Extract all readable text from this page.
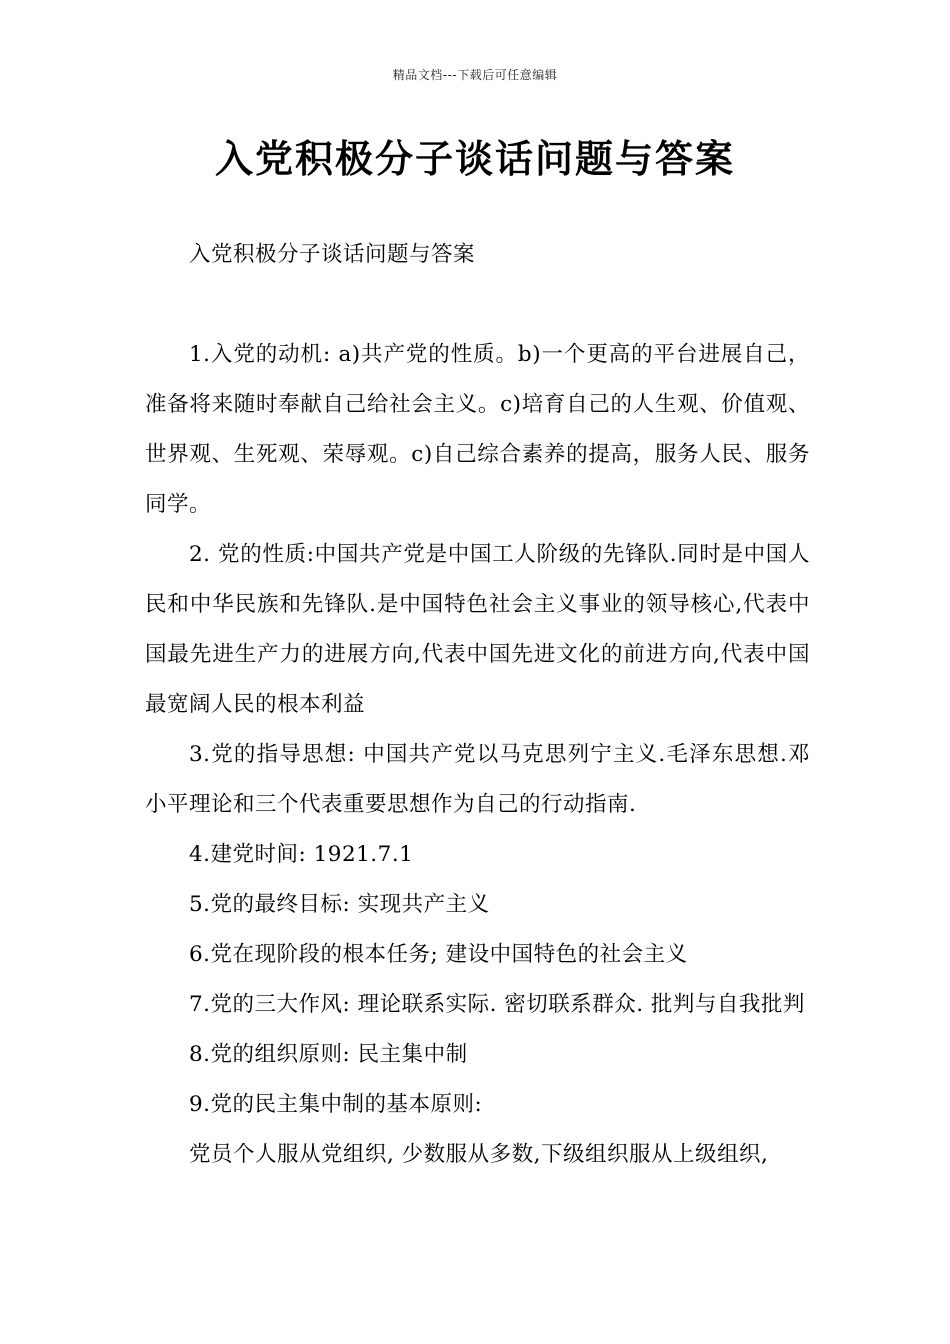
精品文档---下载后可任意编辑
入党积极分子谈话问题与答案

入党积极分子谈话问题与答案

1.入党的动机: a)共产党的性质。b)一个更高的平台进展自己，准备将来随时奉献自己给社会主义。c)培育自己的人生观、价值观、世界观、生死观、荣辱观。c)自己综合素养的提高，服务人民、服务同学。

2. 党的性质:中国共产党是中国工人阶级的先锋队.同时是中国人民和中华民族和先锋队.是中国特色社会主义事业的领导核心,代表中国最先进生产力的进展方向,代表中国先进文化的前进方向,代表中国最宽阔人民的根本利益

3.党的指导思想: 中国共产党以马克思列宁主义.毛泽东思想.邓小平理论和三个代表重要思想作为自己的行动指南.

4.建党时间: 1921.7.1

5.党的最终目标: 实现共产主义

6.党在现阶段的根本任务; 建设中国特色的社会主义

7.党的三大作风: 理论联系实际. 密切联系群众. 批判与自我批判

8.党的组织原则: 民主集中制

9.党的民主集中制的基本原则:

党员个人服从党组织, 少数服从多数,下级组织服从上级组织,
